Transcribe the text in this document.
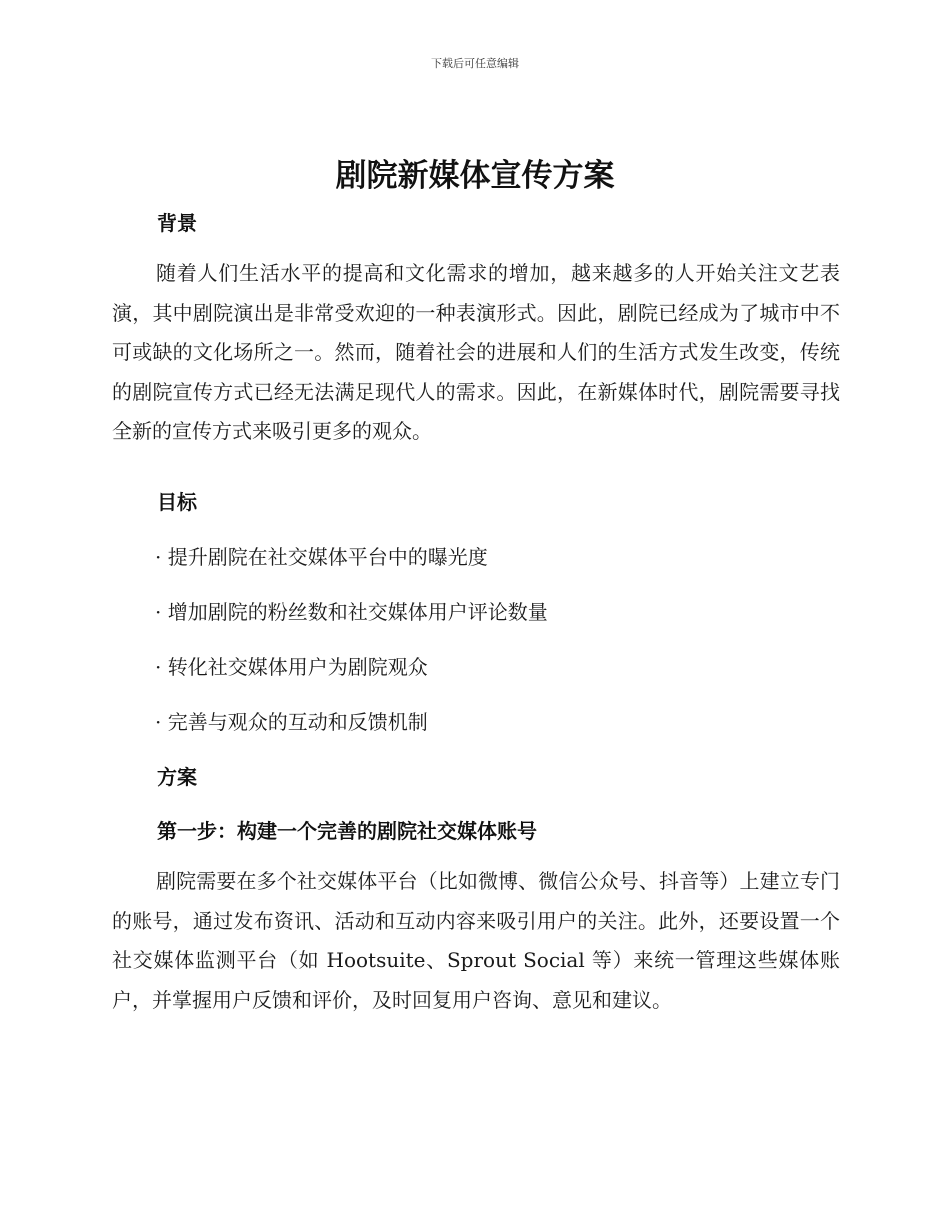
下载后可任意编辑
剧院新媒体宣传方案
背景

随着人们生活水平的提高和文化需求的增加，越来越多的人开始关注文艺表演，其中剧院演出是非常受欢迎的一种表演形式。因此，剧院已经成为了城市中不可或缺的文化场所之一。然而，随着社会的进展和人们的生活方式发生改变，传统的剧院宣传方式已经无法满足现代人的需求。因此，在新媒体时代，剧院需要寻找全新的宣传方式来吸引更多的观众。

目标

· 提升剧院在社交媒体平台中的曝光度

· 增加剧院的粉丝数和社交媒体用户评论数量

· 转化社交媒体用户为剧院观众

· 完善与观众的互动和反馈机制

方案
第一步：构建一个完善的剧院社交媒体账号

剧院需要在多个社交媒体平台（比如微博、微信公众号、抖音等）上建立专门的账号，通过发布资讯、活动和互动内容来吸引用户的关注。此外，还要设置一个社交媒体监测平台（如 Hootsuite、Sprout Social 等）来统一管理这些媒体账户，并掌握用户反馈和评价，及时回复用户咨询、意见和建议。
